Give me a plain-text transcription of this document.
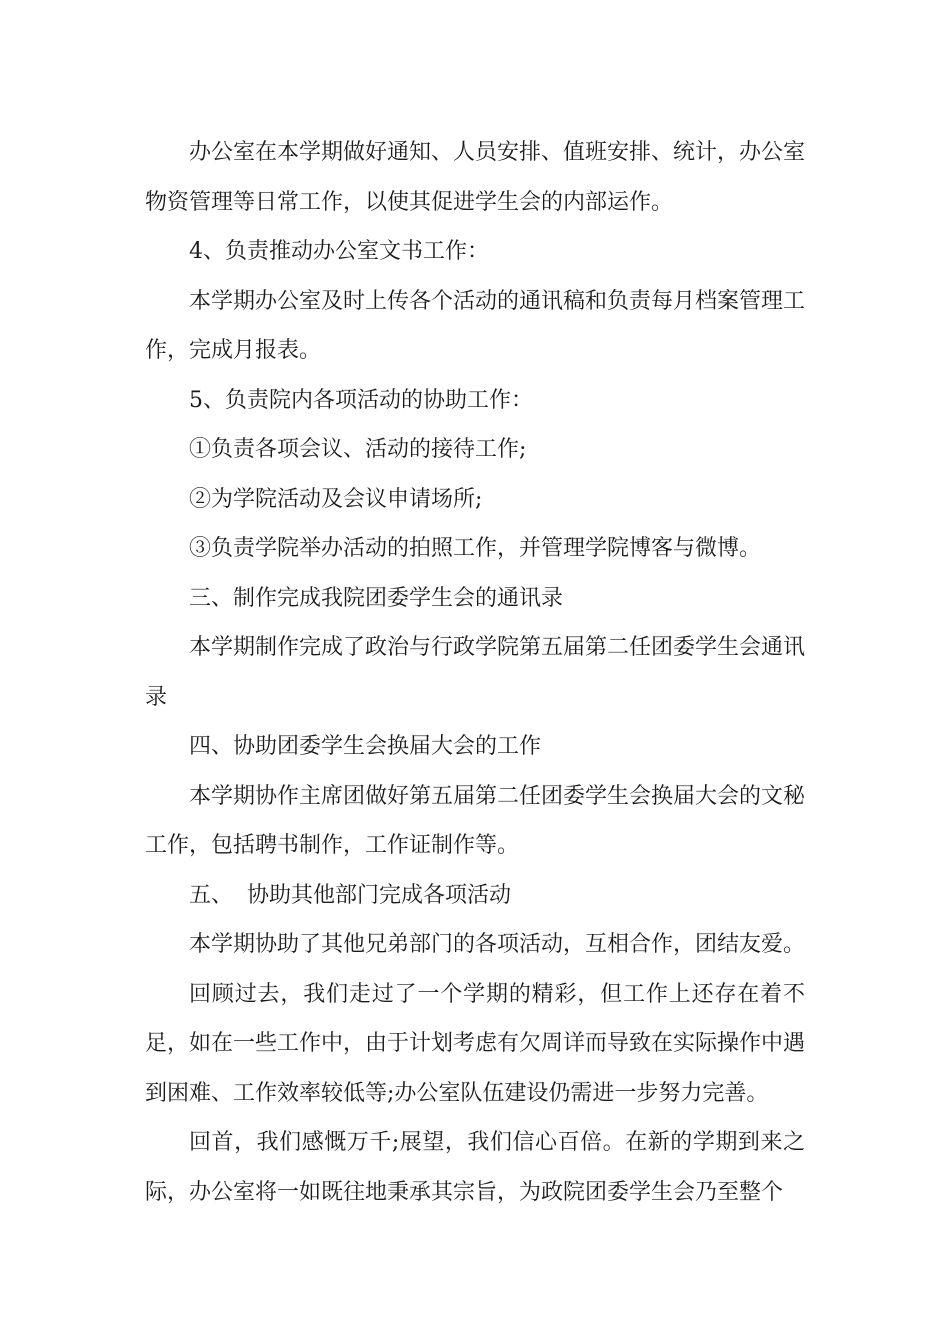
办公室在本学期做好通知、人员安排、值班安排、统计，办公室物资管理等日常工作，以使其促进学生会的内部运作。

4、负责推动办公室文书工作：

本学期办公室及时上传各个活动的通讯稿和负责每月档案管理工作，完成月报表。

5、负责院内各项活动的协助工作：

①负责各项会议、活动的接待工作;

②为学院活动及会议申请场所;

③负责学院举办活动的拍照工作，并管理学院博客与微博。

三、制作完成我院团委学生会的通讯录

本学期制作完成了政治与行政学院第五届第二任团委学生会通讯录

四、协助团委学生会换届大会的工作

本学期协作主席团做好第五届第二任团委学生会换届大会的文秘工作，包括聘书制作，工作证制作等。

五、  协助其他部门完成各项活动

本学期协助了其他兄弟部门的各项活动，互相合作，团结友爱。

回顾过去，我们走过了一个学期的精彩，但工作上还存在着不足，如在一些工作中，由于计划考虑有欠周详而导致在实际操作中遇到困难、工作效率较低等;办公室队伍建设仍需进一步努力完善。

回首，我们感慨万千;展望，我们信心百倍。在新的学期到来之际，办公室将一如既往地秉承其宗旨，为政院团委学生会乃至整个
